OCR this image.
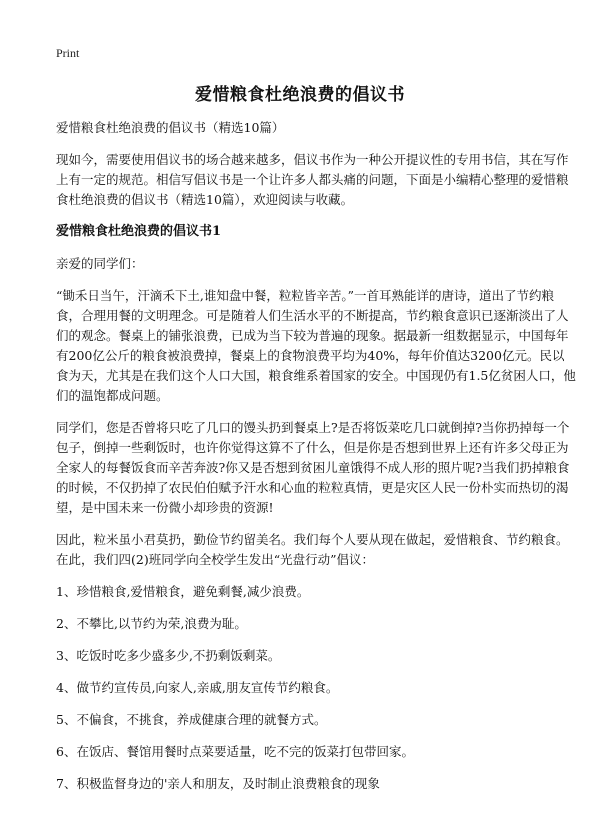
Print
爱惜粮食杜绝浪费的倡议书

爱惜粮食杜绝浪费的倡议书（精选10篇）

现如今，需要使用倡议书的场合越来越多，倡议书作为一种公开提议性的专用书信，其在写作上有一定的规范。相信写倡议书是一个让许多人都头痛的问题，下面是小编精心整理的爱惜粮食杜绝浪费的倡议书（精选10篇），欢迎阅读与收藏。

爱惜粮食杜绝浪费的倡议书1

亲爱的同学们：

“锄禾日当午，汗滴禾下土,谁知盘中餐，粒粒皆辛苦。”一首耳熟能详的唐诗，道出了节约粮食，合理用餐的文明理念。可是随着人们生活水平的不断提高，节约粮食意识已逐渐淡出了人们的观念。餐桌上的铺张浪费，已成为当下较为普遍的现象。据最新一组数据显示，中国每年有200亿公斤的粮食被浪费掉，餐桌上的食物浪费平均为40%，每年价值达3200亿元。民以食为天，尤其是在我们这个人口大国，粮食维系着国家的安全。中国现仍有1.5亿贫困人口，他们的温饱都成问题。

同学们，您是否曾将只吃了几口的馒头扔到餐桌上?是否将饭菜吃几口就倒掉?当你扔掉每一个包子，倒掉一些剩饭时，也许你觉得这算不了什么，但是你是否想到世界上还有许多父母正为全家人的每餐饭食而辛苦奔波?你又是否想到贫困儿童饿得不成人形的照片呢?当我们扔掉粮食的时候，不仅扔掉了农民伯伯赋予汗水和心血的粒粒真情，更是灾区人民一份朴实而热切的渴望，是中国未来一份微小却珍贵的资源!

因此，粒米虽小君莫扔，勤俭节约留美名。我们每个人要从现在做起，爱惜粮食、节约粮食。在此，我们四(2)班同学向全校学生发出“光盘行动”倡议：

1、珍惜粮食,爱惜粮食，避免剩餐,减少浪费。

2、不攀比,以节约为荣,浪费为耻。

3、吃饭时吃多少盛多少,不扔剩饭剩菜。

4、做节约宣传员,向家人,亲戚,朋友宣传节约粮食。

5、不偏食，不挑食，养成健康合理的就餐方式。

6、在饭店、餐馆用餐时点菜要适量，吃不完的饭菜打包带回家。

7、积极监督身边的'亲人和朋友，及时制止浪费粮食的现象
